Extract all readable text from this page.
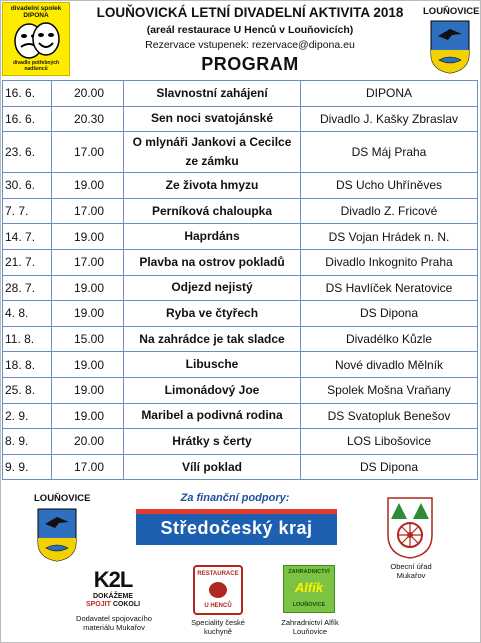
divadelní spolek
DIPONA
divadlo potřebných nadšenců
LOUŇOVICKÁ LETNÍ DIVADELNÍ AKTIVITA 2018
(areál restaurace U Henců v Louňovicích)
Rezervace vstupenek: rezervace@dipona.eu
PROGRAM
LOUŇOVICE
16. 6.	20.00	Slavnostní zahájení	DIPONA
16. 6.	20.30	Sen noci svatojánské	Divadlo J. Kašky Zbraslav
23. 6.	17.00	O mlynáři Jankovi a Cecilce ze zámku	DS Máj Praha
30. 6.	19.00	Ze života hmyzu	DS Ucho Uhříněves
7. 7.	17.00	Perníková chaloupka	Divadlo Z. Fricové
14. 7.	19.00	Haprdáns	DS Vojan Hrádek n. N.
21. 7.	17.00	Plavba na ostrov pokladů	Divadlo Inkognito Praha
28. 7.	19.00	Odjezd nejistý	DS Havlíček Neratovice
4. 8.	19.00	Ryba ve čtyřech	DS Dipona
11. 8.	15.00	Na zahrádce je tak sladce	Divadélko Kůzle
18. 8.	19.00	Libusche	Nové divadlo Mělník
25. 8.	19.00	Limonádový Joe	Spolek Mošna Vraňany
2. 9.	19.00	Maribel a podivná rodina	DS Svatopluk Benešov
8. 9.	20.00	Hrátky s čerty	LOS Libošovice
9. 9.	17.00	Vílí poklad	DS Dipona
LOUŇOVICE	Za finanční podpory:
Středočeský kraj
Obecní úřad Mukařov
K2L
DOKÁŽEME
SPOJIT COKOLI
Dodavatel spojovacího materiálu Mukařov
RESTAURACE
U HENCŮ
Speciality české kuchyně
ZAHRADNICTVÍ
Alfík
LOUŇOVICE
Zahradnictví Alfík Louňovice
